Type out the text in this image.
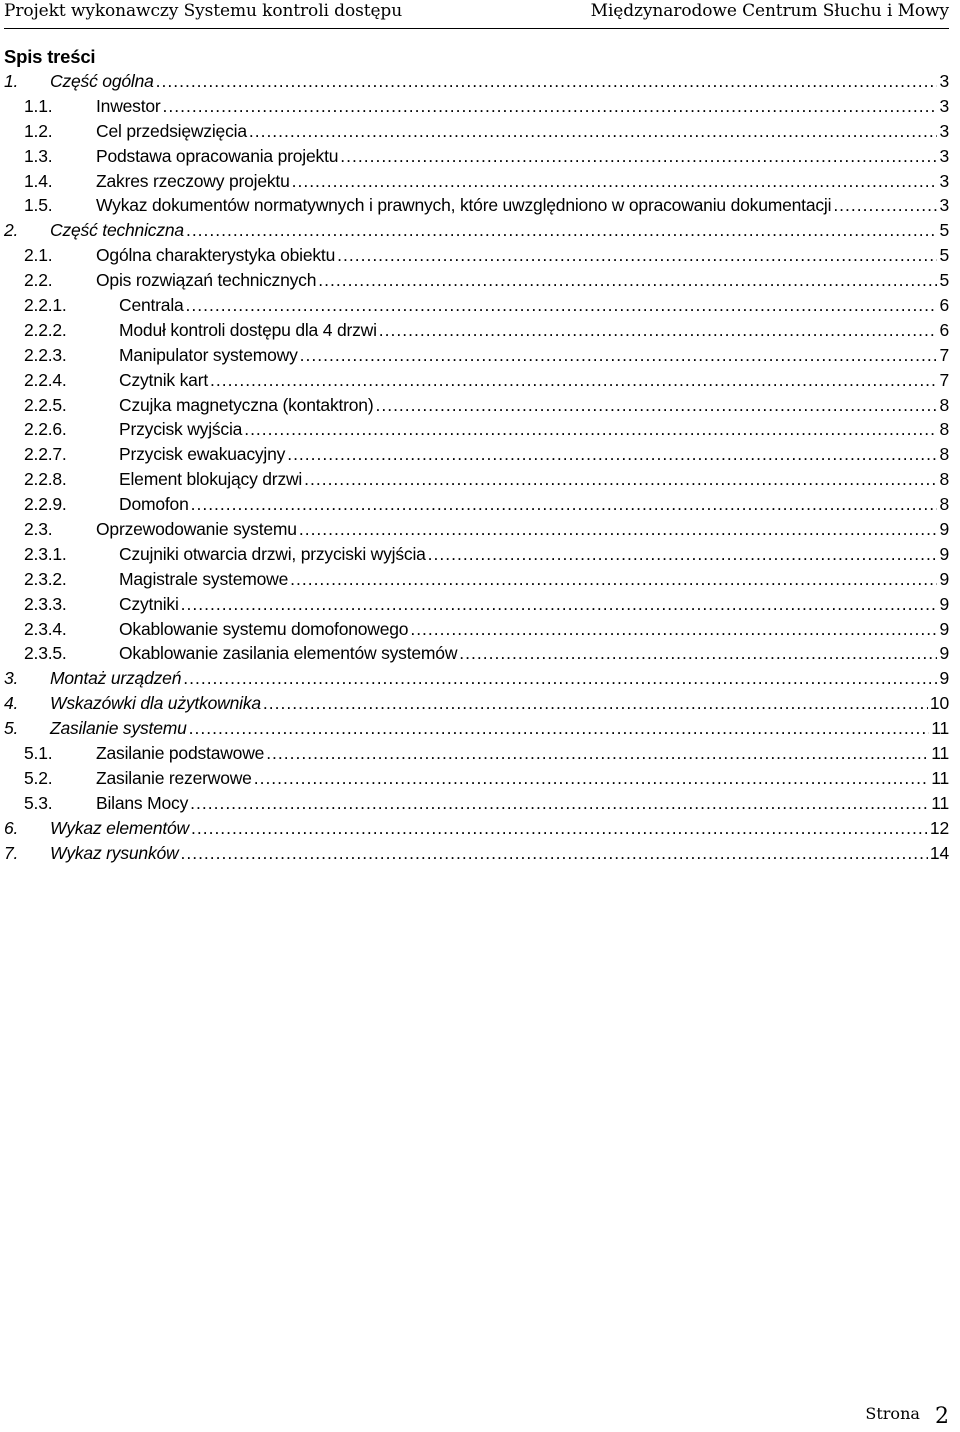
Projekt wykonawczy Systemu kontroli dostępu	Międzynarodowe Centrum Słuchu i Mowy
Spis treści
1.	Część ogólna .....	3
1.1.	Inwestor .....	3
1.2.	Cel przedsięwzięcia .....	3
1.3.	Podstawa opracowania projektu .....	3
1.4.	Zakres rzeczowy projektu .....	3
1.5.	Wykaz dokumentów normatywnych i prawnych, które uwzględniono w opracowaniu dokumentacji .....	3
2.	Część techniczna .....	5
2.1.	Ogólna charakterystyka obiektu .....	5
2.2.	Opis rozwiązań technicznych .....	5
2.2.1.	Centrala .....	6
2.2.2.	Moduł kontroli dostępu dla 4 drzwi .....	6
2.2.3.	Manipulator systemowy .....	7
2.2.4.	Czytnik kart .....	7
2.2.5.	Czujka magnetyczna (kontaktron) .....	8
2.2.6.	Przycisk wyjścia .....	8
2.2.7.	Przycisk ewakuacyjny .....	8
2.2.8.	Element blokujący drzwi .....	8
2.2.9.	Domofon .....	8
2.3.	Oprzewodowanie systemu .....	9
2.3.1.	Czujniki otwarcia drzwi, przyciski wyjścia .....	9
2.3.2.	Magistrale systemowe .....	9
2.3.3.	Czytniki .....	9
2.3.4.	Okablowanie systemu domofonowego .....	9
2.3.5.	Okablowanie zasilania elementów systemów .....	9
3.	Montaż urządzeń .....	9
4.	Wskazówki dla użytkownika .....	10
5.	Zasilanie systemu .....	11
5.1.	Zasilanie podstawowe .....	11
5.2.	Zasilanie rezerwowe .....	11
5.3.	Bilans Mocy .....	11
6.	Wykaz elementów .....	12
7.	Wykaz rysunków .....	14
Strona 2
